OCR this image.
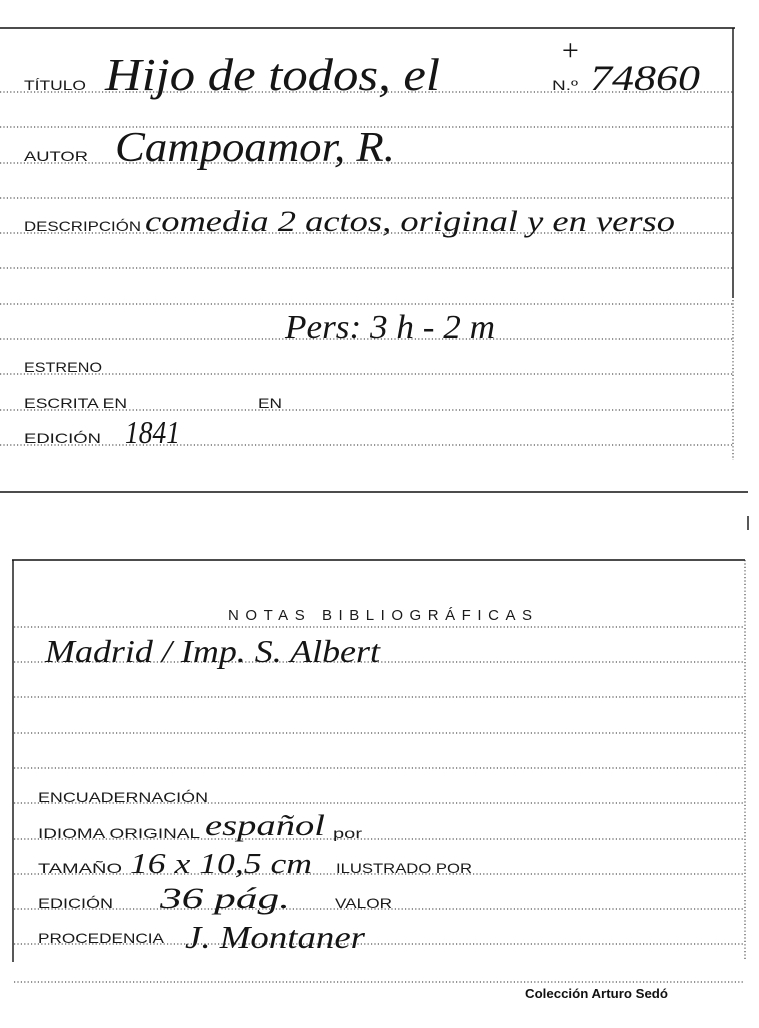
TÍTULO Hijo de todos, el	+
N.º 74860
AUTOR Campoamor, R.
DESCRIPCIÓN comedia 2 actos, original y en verso
Pers: 3 h - 2 m
ESTRENO
ESCRITA EN	EN
EDICIÓN 1841
NOTAS BIBLIOGRÁFICAS
Madrid / Imp. S. Albert
ENCUADERNACIÓN
IDIOMA ORIGINAL español por
TAMAÑO 16 x 10,5 cm ILUSTRADO POR
EDICIÓN 36 pág.	VALOR
PROCEDENCIA J. Montaner
Colección Arturo Sedó
